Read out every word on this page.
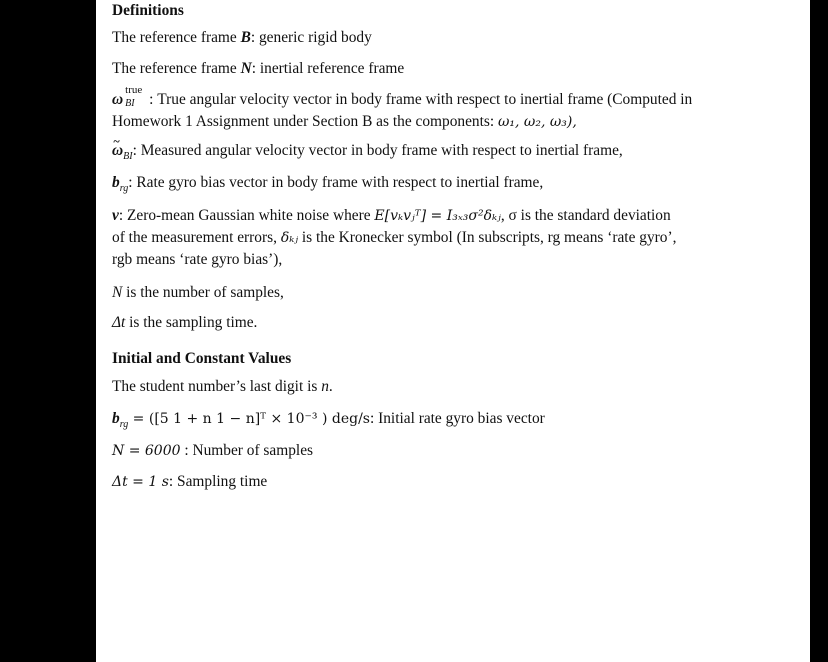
Definitions
The reference frame B: generic rigid body
The reference frame N: inertial reference frame
ω
true
BI : True angular velocity vector in body frame with respect to inertial frame (Computed in
Homework 1 Assignment under Section B as the components: ω₁, ω₂, ω₃),
~ $\omega_{BI}$: Measured angular velocity vector in body frame with respect to inertial frame,
$b_{rg}$: Rate gyro bias vector in body frame with respect to inertial frame,
v: Zero-mean Gaussian white noise where E[vₖvⱼᵀ] = I₃ₓ₃σ²δₖⱼ, σ is the standard deviation
of the measurement errors, δₖⱼ is the Kronecker symbol (In subscripts, rg means ‘rate gyro’,
rgb means ‘rate gyro bias’),
N is the number of samples,
Δt is the sampling time.
Initial and Constant Values
The student number’s last digit is n.
$b_{rg} = ([5$ 1 + n 1 − n]ᵀ × 10⁻³ ) deg/s: Initial rate gyro bias vector
N = 6000 : Number of samples
Δt = 1 s: Sampling time
